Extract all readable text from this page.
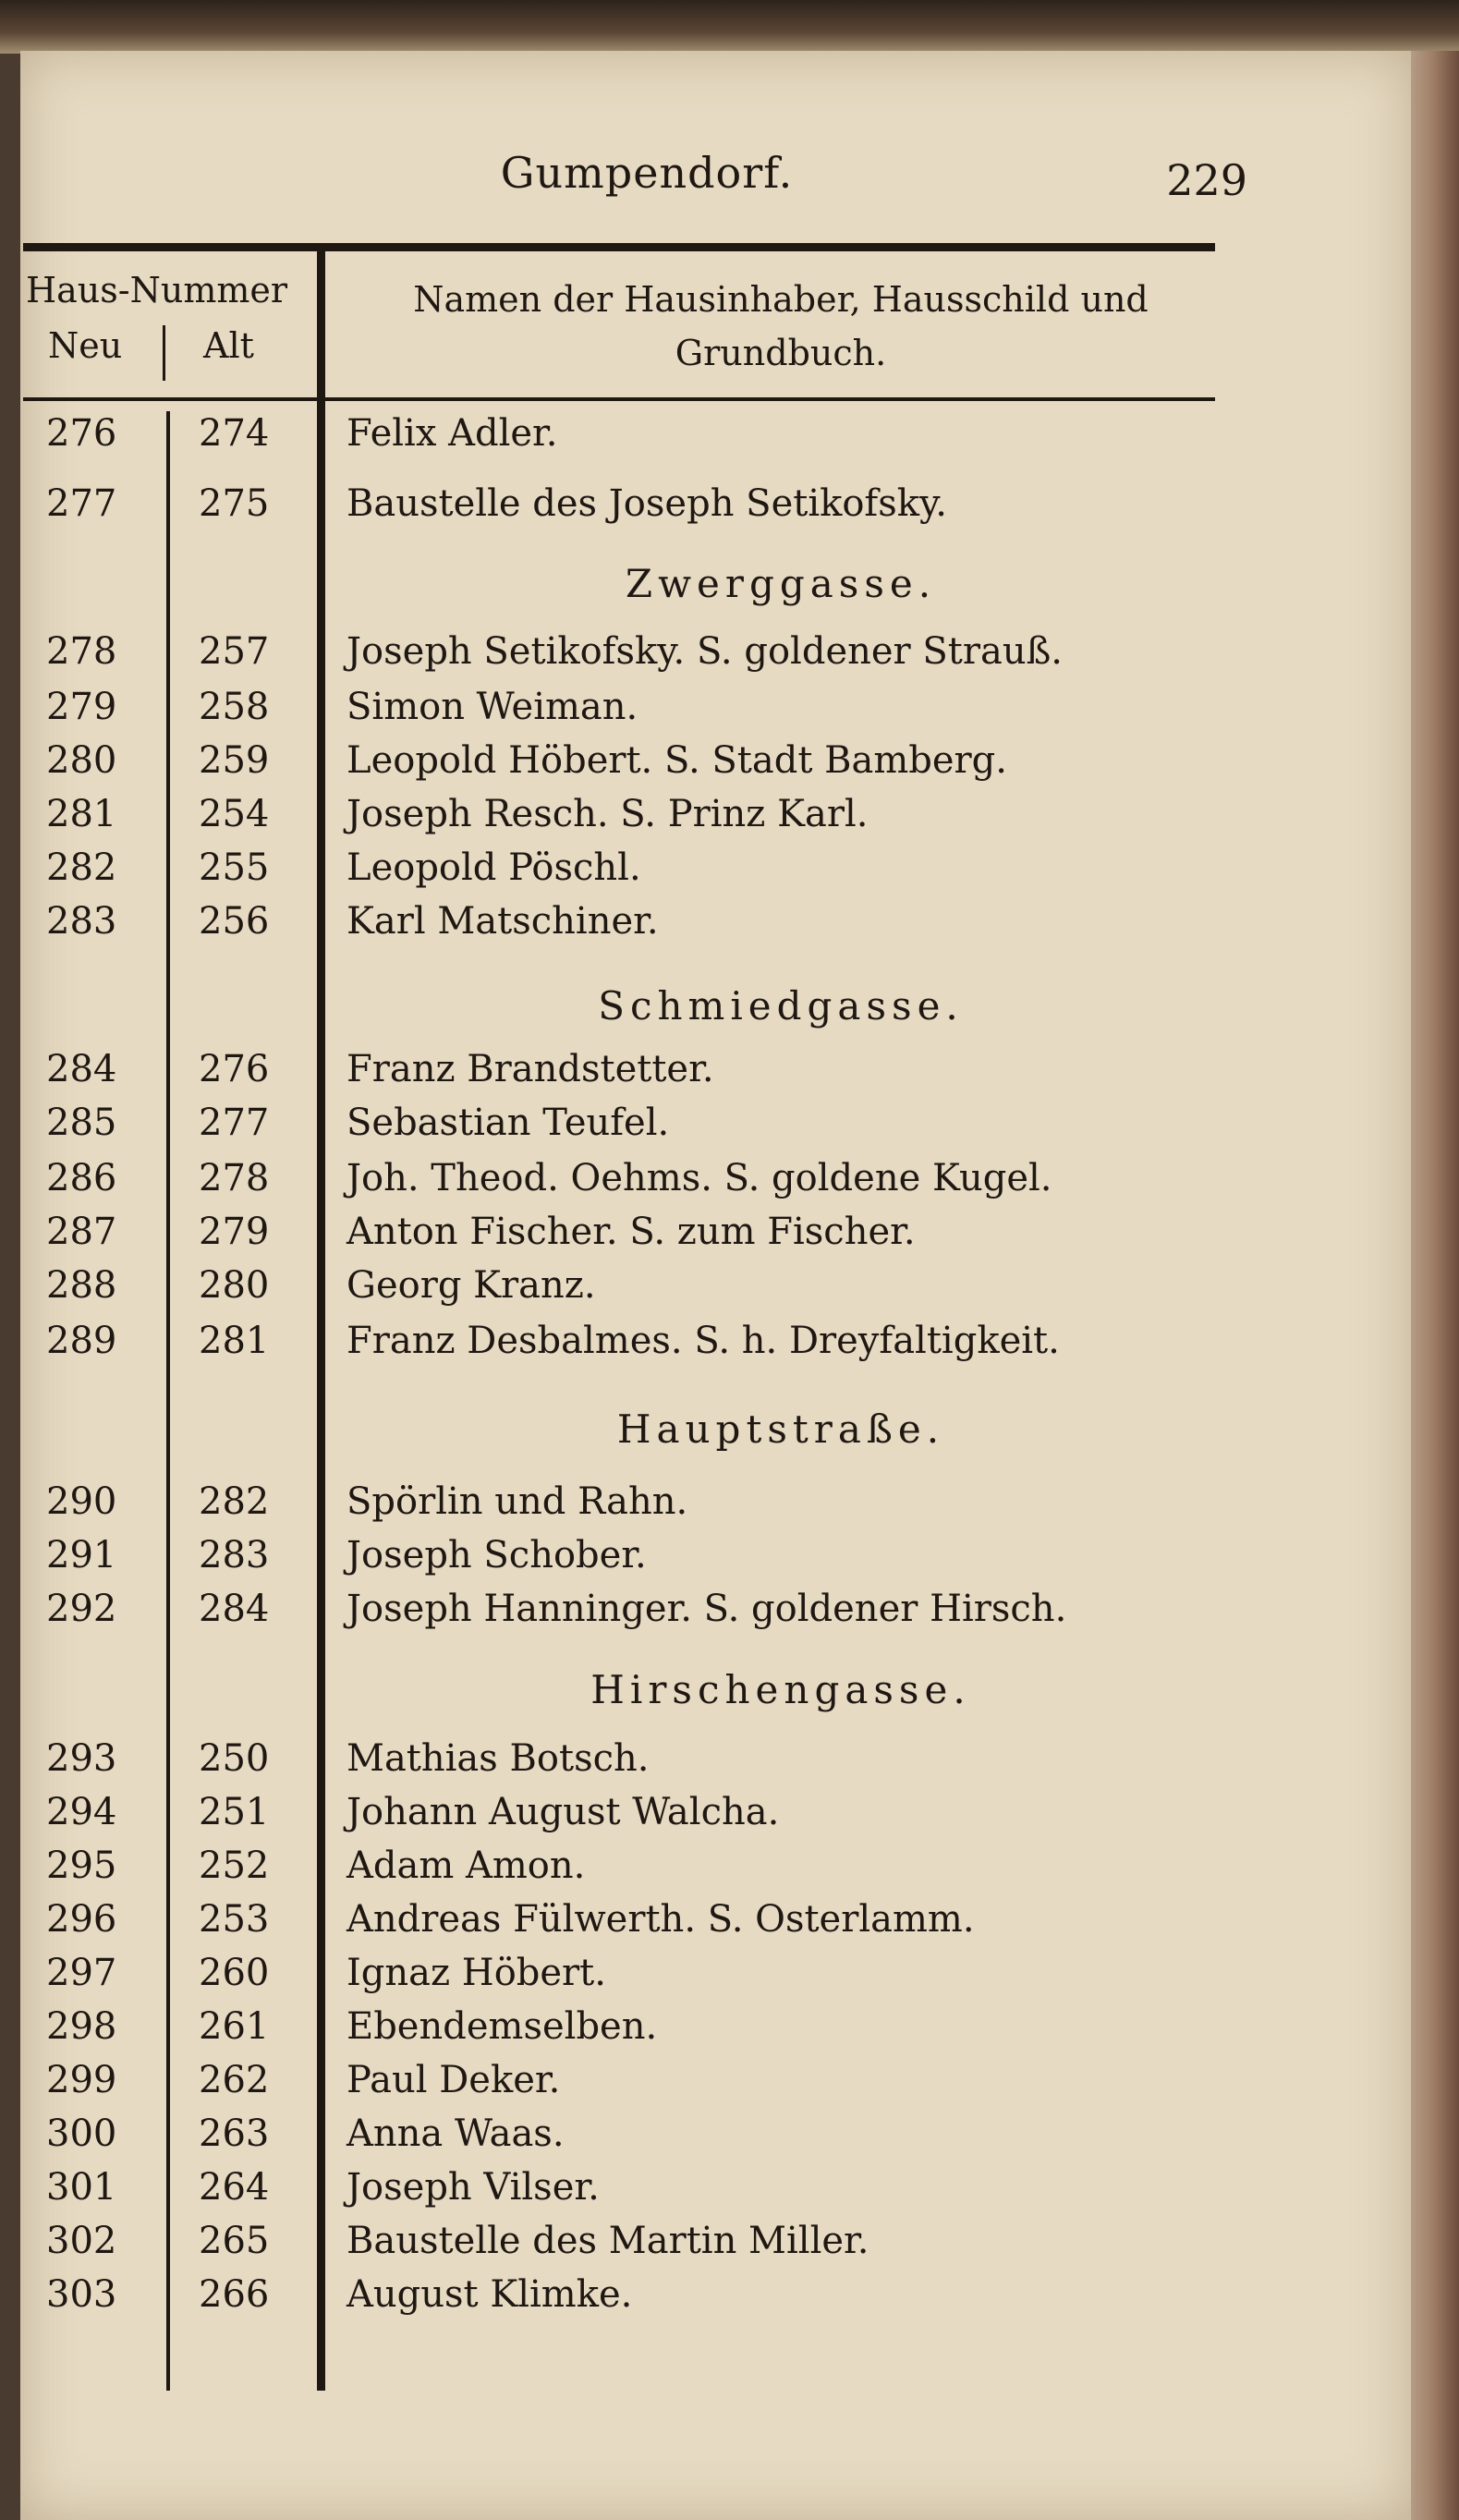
Gumpendorf.	229
Haus-Nummer
Neu	Alt
Namen der Hausinhaber, Hausschild und Grundbuch.
276	274	Felix Adler.
277	275	Baustelle des Joseph Setikofsky.
Zwerggasse.
278	257	Joseph Setikofsky. S. goldener Strauß.
279	258	Simon Weiman.
280	259	Leopold Höbert. S. Stadt Bamberg.
281	254	Joseph Resch. S. Prinz Karl.
282	255	Leopold Pöschl.
283	256	Karl Matschiner.
Schmiedgasse.
284	276	Franz Brandstetter.
285	277	Sebastian Teufel.
286	278	Joh. Theod. Oehms. S. goldene Kugel.
287	279	Anton Fischer. S. zum Fischer.
288	280	Georg Kranz.
289	281	Franz Desbalmes. S. h. Dreyfaltigkeit.
Hauptstraße.
290	282	Spörlin und Rahn.
291	283	Joseph Schober.
292	284	Joseph Hanninger. S. goldener Hirsch.
Hirschengasse.
293	250	Mathias Botsch.
294	251	Johann August Walcha.
295	252	Adam Amon.
296	253	Andreas Fülwerth. S. Osterlamm.
297	260	Ignaz Höbert.
298	261	Ebendemselben.
299	262	Paul Deker.
300	263	Anna Waas.
301	264	Joseph Vilser.
302	265	Baustelle des Martin Miller.
303	266	August Klimke.
